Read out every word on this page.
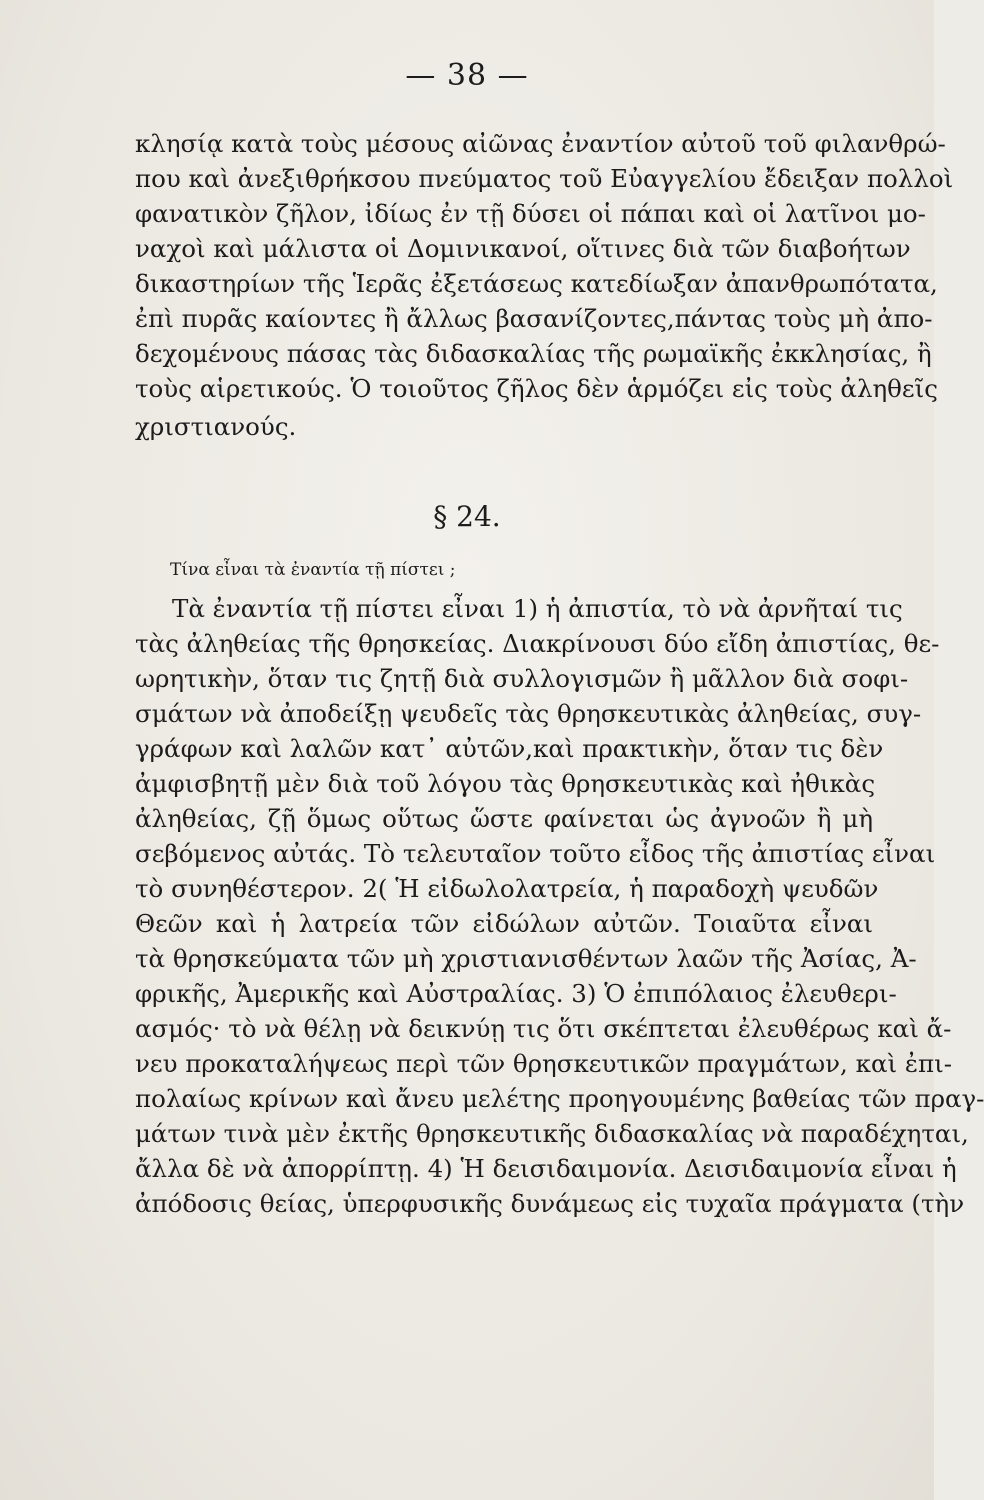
— 38 —
κλησίᾳ κατὰ τοὺς μέσους αἰῶνας ἐναντίον αὐτοῦ τοῦ φιλανθρώ-
που καὶ ἀνεξιθρήκσου πνεύματος τοῦ Εὐαγγελίου ἔδειξαν πολλοὶ
φανατικὸν ζῆλον, ἰδίως ἐν τῇ δύσει οἱ πάπαι καὶ οἱ λατῖνοι μο-
ναχοὶ καὶ μάλιστα οἱ Δομινικανοί, οἵτινες διὰ τῶν διαβοήτων
δικαστηρίων τῆς Ἱερᾶς ἐξετάσεως κατεδίωξαν ἀπανθρωπότατα,
ἐπὶ πυρᾶς καίοντες ἢ ἄλλως βασανίζοντες,πάντας τοὺς μὴ ἀπο-
δεχομένους πάσας τὰς διδασκαλίας τῆς ρωμαϊκῆς ἐκκλησίας, ἢ
τοὺς αἱρετικούς. Ὁ τοιοῦτος ζῆλος δὲν ἁρμόζει εἰς τοὺς ἀληθεῖς
χριστιανούς.
§ 24.
Τίνα εἶναι τὰ ἐναντία τῇ πίστει ;
Τὰ ἐναντία τῇ πίστει εἶναι 1) ἡ ἀπιστία, τὸ νὰ ἀρνῆταί τις
τὰς ἀληθείας τῆς θρησκείας. Διακρίνουσι δύο εἴδη ἀπιστίας, θε-
ωρητικὴν, ὅταν τις ζητῇ διὰ συλλογισμῶν ἢ μᾶλλον διὰ σοφι-
σμάτων νὰ ἀποδείξῃ ψευδεῖς τὰς θρησκευτικὰς ἀληθείας, συγ-
γράφων καὶ λαλῶν κατ᾽ αὐτῶν,καὶ πρακτικὴν, ὅταν τις δὲν
ἀμφισβητῇ μὲν διὰ τοῦ λόγου τὰς θρησκευτικὰς καὶ ἠθικὰς
ἀληθείας, ζῇ ὅμως οὕτως ὥστε φαίνεται ὡς ἀγνοῶν ἢ μὴ
σεβόμενος αὐτάς. Τὸ τελευταῖον τοῦτο εἶδος τῆς ἀπιστίας εἶναι
τὸ συνηθέστερον. 2( Ἡ εἰδωλολατρεία, ἡ παραδοχὴ ψευδῶν
Θεῶν καὶ ἡ λατρεία τῶν εἰδώλων αὐτῶν. Τοιαῦτα εἶναι
τὰ θρησκεύματα τῶν μὴ χριστιανισθέντων λαῶν τῆς Ἀσίας, Ἀ-
φρικῆς, Ἀμερικῆς καὶ Αὐστραλίας. 3) Ὁ ἐπιπόλαιος ἐλευθερι-
ασμός· τὸ νὰ θέλῃ νὰ δεικνύῃ τις ὅτι σκέπτεται ἐλευθέρως καὶ ἄ-
νευ προκαταλήψεως περὶ τῶν θρησκευτικῶν πραγμάτων, καὶ ἐπι-
πολαίως κρίνων καὶ ἄνευ μελέτης προηγουμένης βαθείας τῶν πραγ-
μάτων τινὰ μὲν ἐκτῆς θρησκευτικῆς διδασκαλίας νὰ παραδέχηται,
ἄλλα δὲ νὰ ἀπορρίπτῃ. 4) Ἡ δεισιδαιμονία. Δεισιδαιμονία εἶναι ἡ
ἀπόδοσις θείας, ὑπερφυσικῆς δυνάμεως εἰς τυχαῖα πράγματα (τὴν
